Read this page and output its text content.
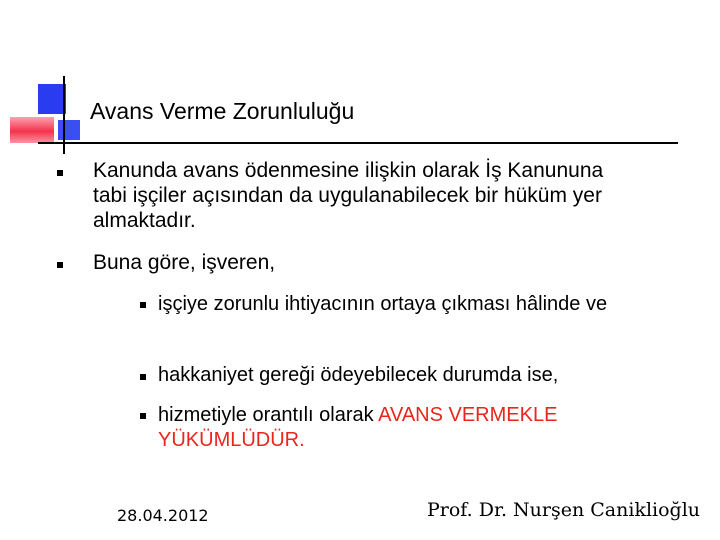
Avans Verme Zorunluluğu

Kanunda avans ödenmesine ilişkin olarak İş Kanununa tabi işçiler açısından da uygulanabilecek bir hüküm yer almaktadır.

Buna göre, işveren,

işçiye zorunlu ihtiyacının ortaya çıkması hâlinde ve

hakkaniyet gereği ödeyebilecek durumda ise,

hizmetiyle orantılı olarak AVANS VERMEKLE YÜKÜMLÜDÜR.

28.04.2012	Prof. Dr. Nurşen Caniklioğlu
